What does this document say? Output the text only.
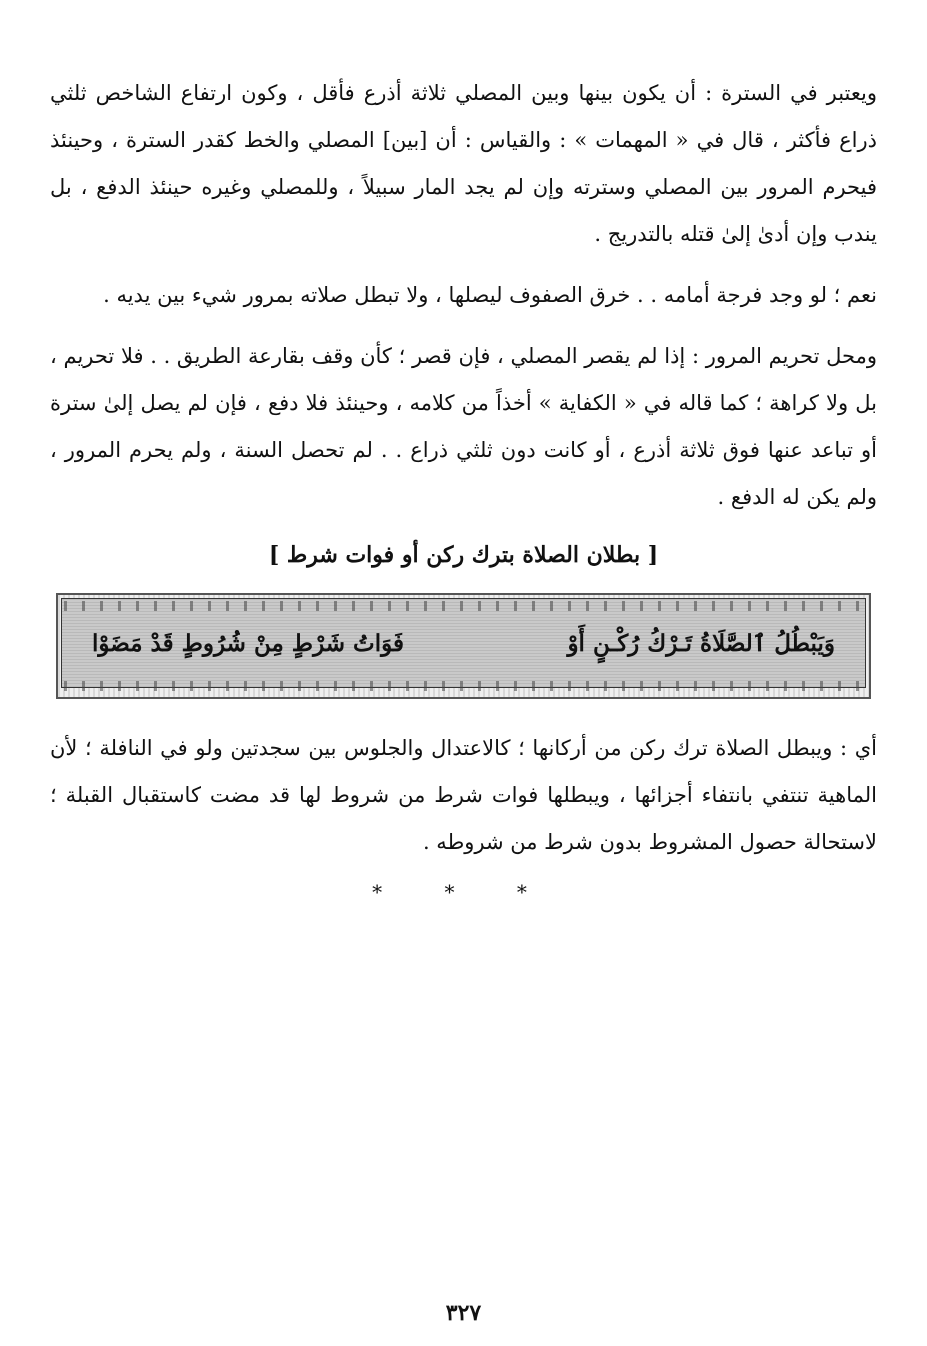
ويعتبر في السترة : أن يكون بينها وبين المصلي ثلاثة أذرع فأقل ، وكون ارتفاع الشاخص ثلثي ذراع فأكثر ، قال في « المهمات » : والقياس : أن [بين] المصلي والخط كقدر السترة ، وحينئذ فيحرم المرور بين المصلي وسترته وإن لم يجد المار سبيلاً ، وللمصلي وغيره حينئذ الدفع ، بل يندب وإن أدىٰ إلىٰ قتله بالتدريج .

نعم ؛ لو وجد فرجة أمامه . . خرق الصفوف ليصلها ، ولا تبطل صلاته بمرور شيء بين يديه .

ومحل تحريم المرور : إذا لم يقصر المصلي ، فإن قصر ؛ كأن وقف بقارعة الطريق . . فلا تحريم ، بل ولا كراهة ؛ كما قاله في « الكفاية » أخذاً من كلامه ، وحينئذ فلا دفع ، فإن لم يصل إلىٰ سترة أو تباعد عنها فوق ثلاثة أذرع ، أو كانت دون ثلثي ذراع . . لم تحصل السنة ، ولم يحرم المرور ، ولم يكن له الدفع .

[ بطلان الصلاة بترك ركن أو فوات شرط ]
وَيَبْطُلُ ٱلصَّلَاةُ تَـرْكُ رُكْـنٍ أَوْ
فَوَاتُ شَرْطٍ مِنْ شُرُوطٍ قَدْ مَضَوْا

أي : ويبطل الصلاة ترك ركن من أركانها ؛ كالاعتدال والجلوس بين سجدتين ولو في النافلة ؛ لأن الماهية تنتفي بانتفاء أجزائها ، ويبطلها فوات شرط من شروط لها قد مضت كاستقبال القبلة ؛ لاستحالة حصول المشروط بدون شرط من شروطه .

* * *
٣٢٧
